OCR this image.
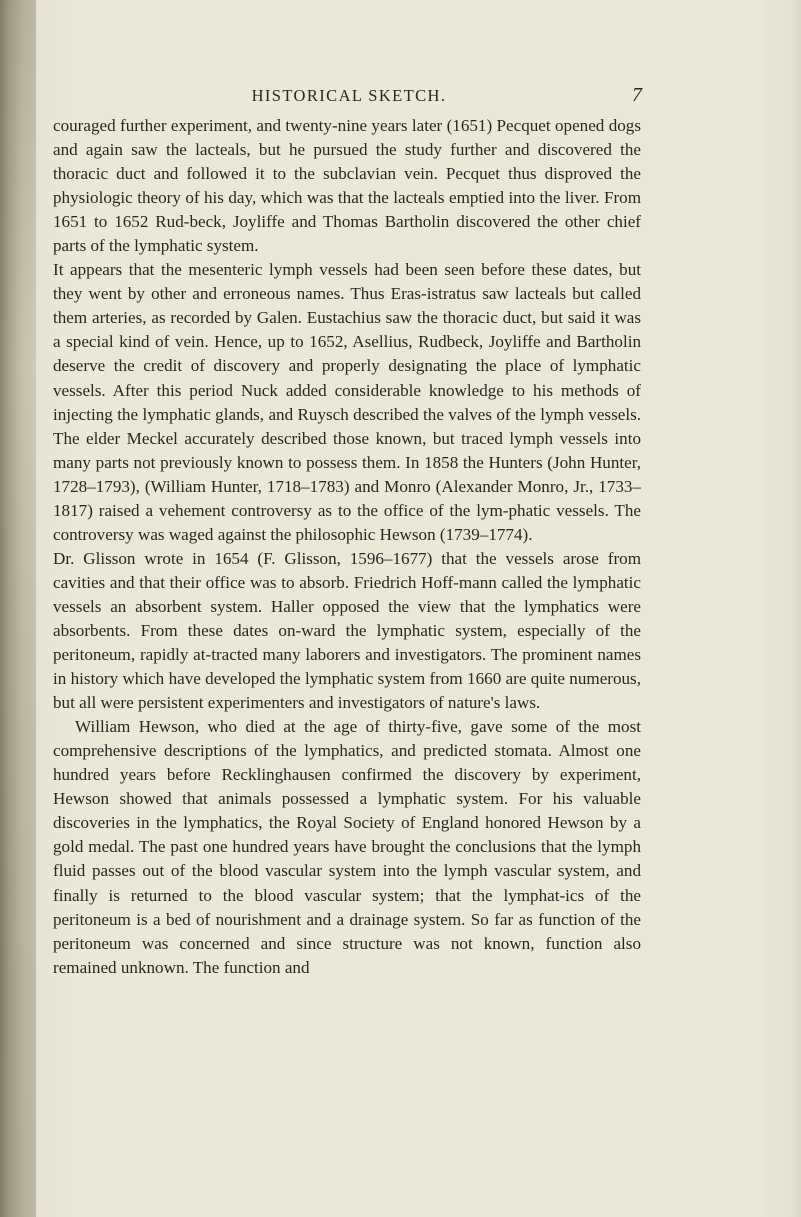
HISTORICAL SKETCH.	7

couraged further experiment, and twenty-nine years later (1651) Pecquet opened dogs and again saw the lacteals, but he pursued the study further and discovered the thoracic duct and followed it to the subclavian vein. Pecquet thus disproved the physiologic theory of his day, which was that the lacteals emptied into the liver. From 1651 to 1652 Rud-beck, Joyliffe and Thomas Bartholin discovered the other chief parts of the lymphatic system.

It appears that the mesenteric lymph vessels had been seen before these dates, but they went by other and erroneous names. Thus Eras-istratus saw lacteals but called them arteries, as recorded by Galen. Eustachius saw the thoracic duct, but said it was a special kind of vein. Hence, up to 1652, Asellius, Rudbeck, Joyliffe and Bartholin deserve the credit of discovery and properly designating the place of lymphatic vessels. After this period Nuck added considerable knowledge to his methods of injecting the lymphatic glands, and Ruysch described the valves of the lymph vessels. The elder Meckel accurately described those known, but traced lymph vessels into many parts not previously known to possess them. In 1858 the Hunters (John Hunter, 1728–1793), (William Hunter, 1718–1783) and Monro (Alexander Monro, Jr., 1733–1817) raised a vehement controversy as to the office of the lym-phatic vessels. The controversy was waged against the philosophic Hewson (1739–1774).

Dr. Glisson wrote in 1654 (F. Glisson, 1596–1677) that the vessels arose from cavities and that their office was to absorb. Friedrich Hoff-mann called the lymphatic vessels an absorbent system. Haller opposed the view that the lymphatics were absorbents. From these dates on-ward the lymphatic system, especially of the peritoneum, rapidly at-tracted many laborers and investigators. The prominent names in history which have developed the lymphatic system from 1660 are quite numerous, but all were persistent experimenters and investigators of nature's laws.

William Hewson, who died at the age of thirty-five, gave some of the most comprehensive descriptions of the lymphatics, and predicted stomata. Almost one hundred years before Recklinghausen confirmed the discovery by experiment, Hewson showed that animals possessed a lymphatic system. For his valuable discoveries in the lymphatics, the Royal Society of England honored Hewson by a gold medal. The past one hundred years have brought the conclusions that the lymph fluid passes out of the blood vascular system into the lymph vascular system, and finally is returned to the blood vascular system; that the lymphat-ics of the peritoneum is a bed of nourishment and a drainage system. So far as function of the peritoneum was concerned and since structure was not known, function also remained unknown. The function and
